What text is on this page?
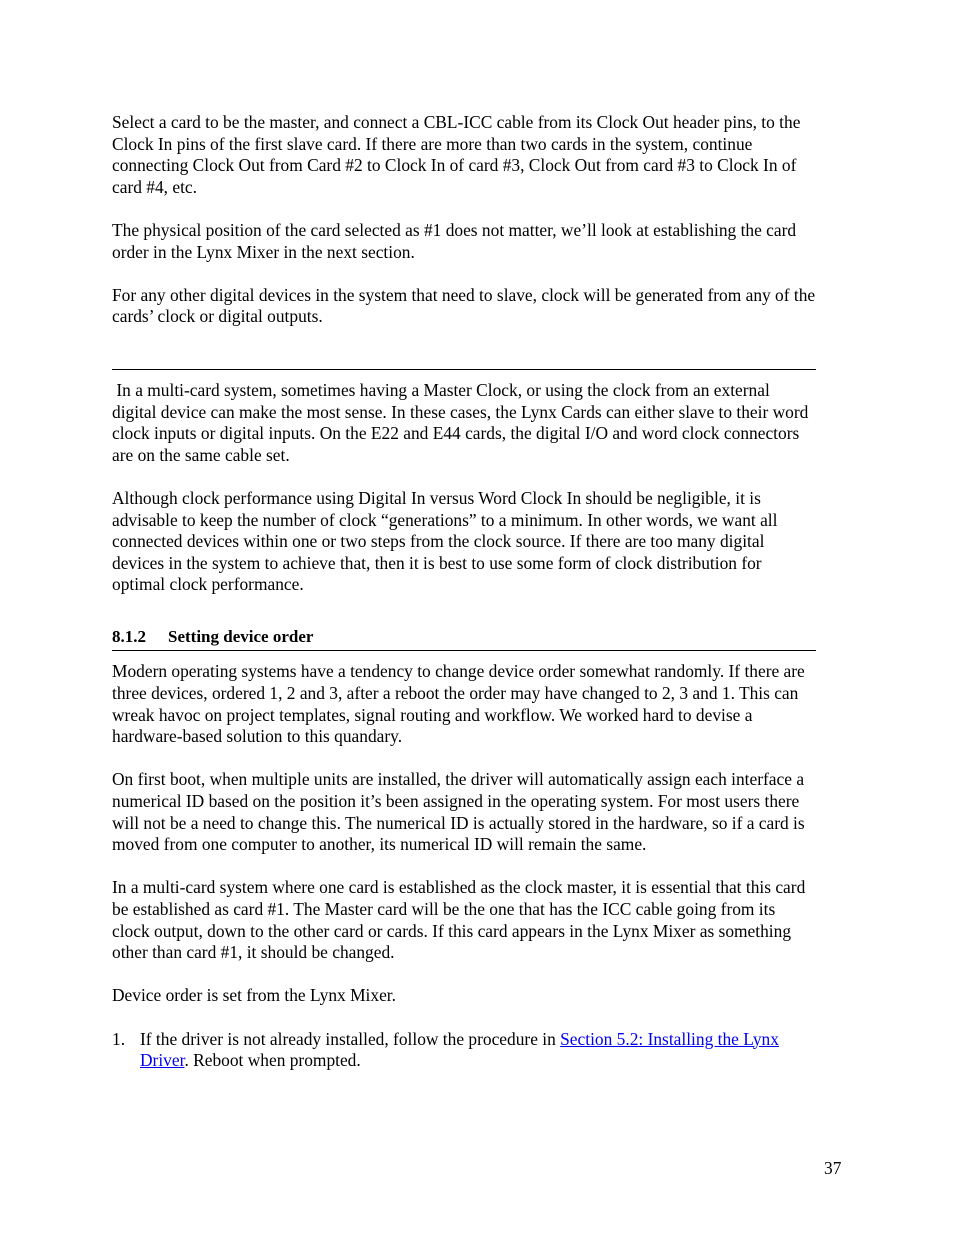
Select a card to be the master, and connect a CBL-ICC cable from its Clock Out header pins, to the Clock In pins of the first slave card. If there are more than two cards in the system, continue connecting Clock Out from Card #2 to Clock In of card #3, Clock Out from card #3 to Clock In of card #4, etc.

The physical position of the card selected as #1 does not matter, we’ll look at establishing the card order in the Lynx Mixer in the next section.

For any other digital devices in the system that need to slave, clock will be generated from any of the cards’ clock or digital outputs.

In a multi-card system, sometimes having a Master Clock, or using the clock from an external digital device can make the most sense. In these cases, the Lynx Cards can either slave to their word clock inputs or digital inputs. On the E22 and E44 cards, the digital I/O and word clock connectors are on the same cable set.

Although clock performance using Digital In versus Word Clock In should be negligible, it is advisable to keep the number of clock “generations” to a minimum. In other words, we want all connected devices within one or two steps from the clock source. If there are too many digital devices in the system to achieve that, then it is best to use some form of clock distribution for optimal clock performance.

8.1.2 Setting device order

Modern operating systems have a tendency to change device order somewhat randomly. If there are three devices, ordered 1, 2 and 3, after a reboot the order may have changed to 2, 3 and 1. This can wreak havoc on project templates, signal routing and workflow. We worked hard to devise a hardware-based solution to this quandary.

On first boot, when multiple units are installed, the driver will automatically assign each interface a numerical ID based on the position it’s been assigned in the operating system. For most users there will not be a need to change this. The numerical ID is actually stored in the hardware, so if a card is moved from one computer to another, its numerical ID will remain the same.

In a multi-card system where one card is established as the clock master, it is essential that this card be established as card #1. The Master card will be the one that has the ICC cable going from its clock output, down to the other card or cards. If this card appears in the Lynx Mixer as something other than card #1, it should be changed.

Device order is set from the Lynx Mixer.

1. If the driver is not already installed, follow the procedure in Section 5.2: Installing the Lynx Driver. Reboot when prompted.
37
